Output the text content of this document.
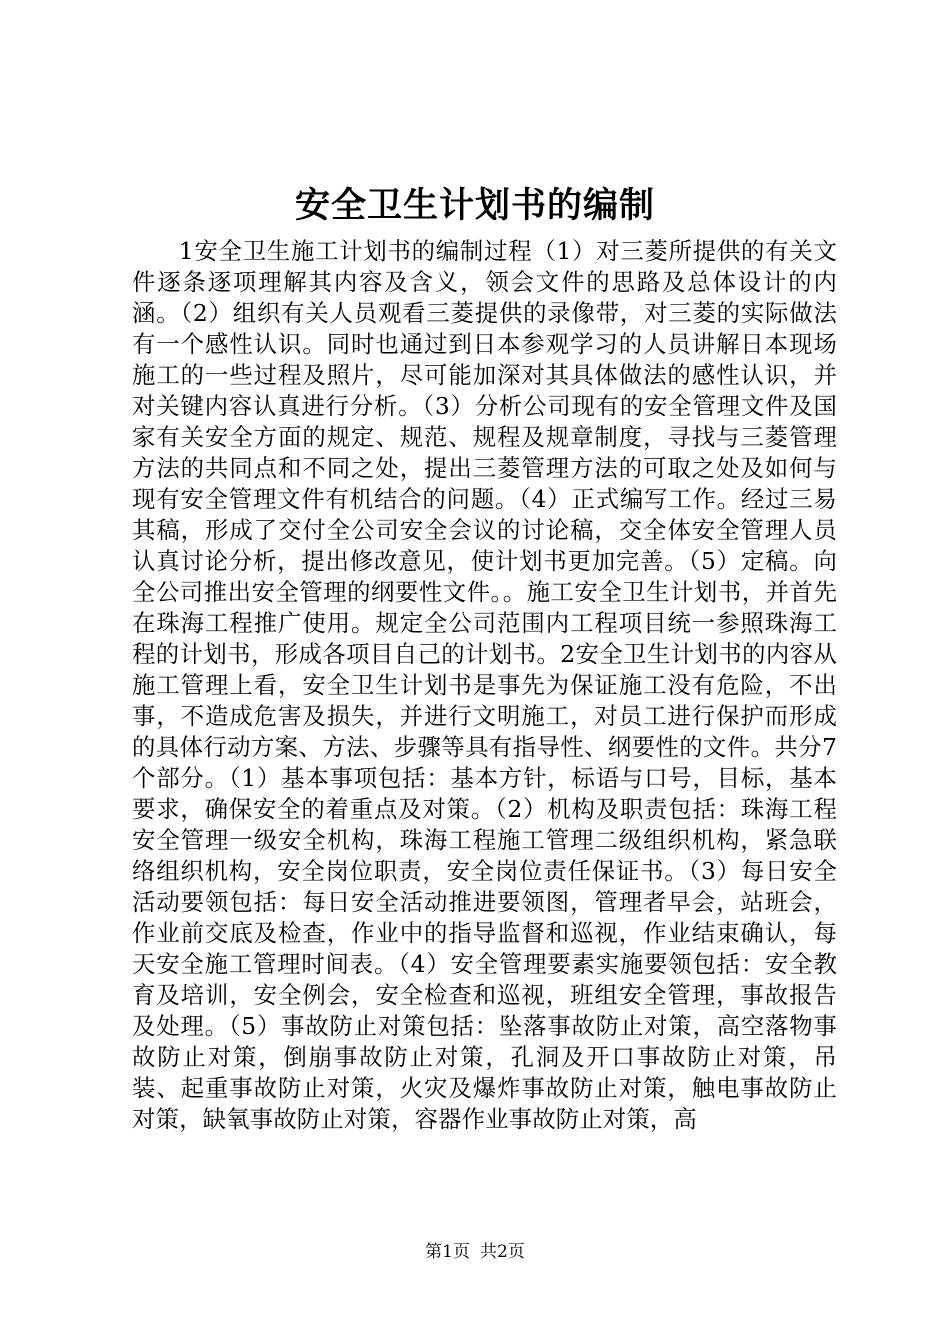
安全卫生计划书的编制

1安全卫生施工计划书的编制过程（1）对三菱所提供的有关文件逐条逐项理解其内容及含义，领会文件的思路及总体设计的内涵。（2）组织有关人员观看三菱提供的录像带，对三菱的实际做法有一个感性认识。同时也通过到日本参观学习的人员讲解日本现场施工的一些过程及照片，尽可能加深对其具体做法的感性认识，并对关键内容认真进行分析。（3）分析公司现有的安全管理文件及国家有关安全方面的规定、规范、规程及规章制度，寻找与三菱管理方法的共同点和不同之处，提出三菱管理方法的可取之处及如何与现有安全管理文件有机结合的问题。（4）正式编写工作。经过三易其稿，形成了交付全公司安全会议的讨论稿，交全体安全管理人员认真讨论分析，提出修改意见，使计划书更加完善。（5）定稿。向全公司推出安全管理的纲要性文件。。施工安全卫生计划书，并首先在珠海工程推广使用。规定全公司范围内工程项目统一参照珠海工程的计划书，形成各项目自己的计划书。2安全卫生计划书的内容从施工管理上看，安全卫生计划书是事先为保证施工没有危险，不出事，不造成危害及损失，并进行文明施工，对员工进行保护而形成的具体行动方案、方法、步骤等具有指导性、纲要性的文件。共分7个部分。（1）基本事项包括：基本方针，标语与口号，目标，基本要求，确保安全的着重点及对策。（2）机构及职责包括：珠海工程安全管理一级安全机构，珠海工程施工管理二级组织机构，紧急联络组织机构，安全岗位职责，安全岗位责任保证书。（3）每日安全活动要领包括：每日安全活动推进要领图，管理者早会，站班会，作业前交底及检查，作业中的指导监督和巡视，作业结束确认，每天安全施工管理时间表。（4）安全管理要素实施要领包括：安全教育及培训，安全例会，安全检查和巡视，班组安全管理，事故报告及处理。（5）事故防止对策包括：坠落事故防止对策，高空落物事故防止对策，倒崩事故防止对策，孔洞及开口事故防止对策，吊装、起重事故防止对策，火灾及爆炸事故防止对策，触电事故防止对策，缺氧事故防止对策，容器作业事故防止对策，高

第1页 共2页
